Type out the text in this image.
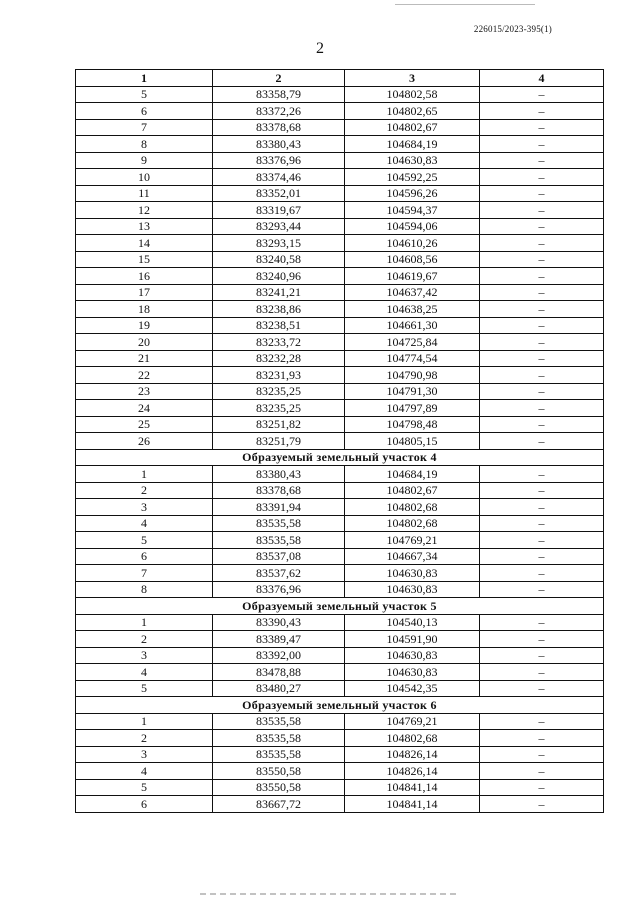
226015/2023-395(1)
2
1	2	3	4
5	83358,79	104802,58	–
6	83372,26	104802,65	–
7	83378,68	104802,67	–
8	83380,43	104684,19	–
9	83376,96	104630,83	–
10	83374,46	104592,25	–
11	83352,01	104596,26	–
12	83319,67	104594,37	–
13	83293,44	104594,06	–
14	83293,15	104610,26	–
15	83240,58	104608,56	–
16	83240,96	104619,67	–
17	83241,21	104637,42	–
18	83238,86	104638,25	–
19	83238,51	104661,30	–
20	83233,72	104725,84	–
21	83232,28	104774,54	–
22	83231,93	104790,98	–
23	83235,25	104791,30	–
24	83235,25	104797,89	–
25	83251,82	104798,48	–
26	83251,79	104805,15	–
Образуемый земельный участок 4			
1	83380,43	104684,19	–
2	83378,68	104802,67	–
3	83391,94	104802,68	–
4	83535,58	104802,68	–
5	83535,58	104769,21	–
6	83537,08	104667,34	–
7	83537,62	104630,83	–
8	83376,96	104630,83	–
Образуемый земельный участок 5			
1	83390,43	104540,13	–
2	83389,47	104591,90	–
3	83392,00	104630,83	–
4	83478,88	104630,83	–
5	83480,27	104542,35	–
Образуемый земельный участок 6			
1	83535,58	104769,21	–
2	83535,58	104802,68	–
3	83535,58	104826,14	–
4	83550,58	104826,14	–
5	83550,58	104841,14	–
6	83667,72	104841,14	–
